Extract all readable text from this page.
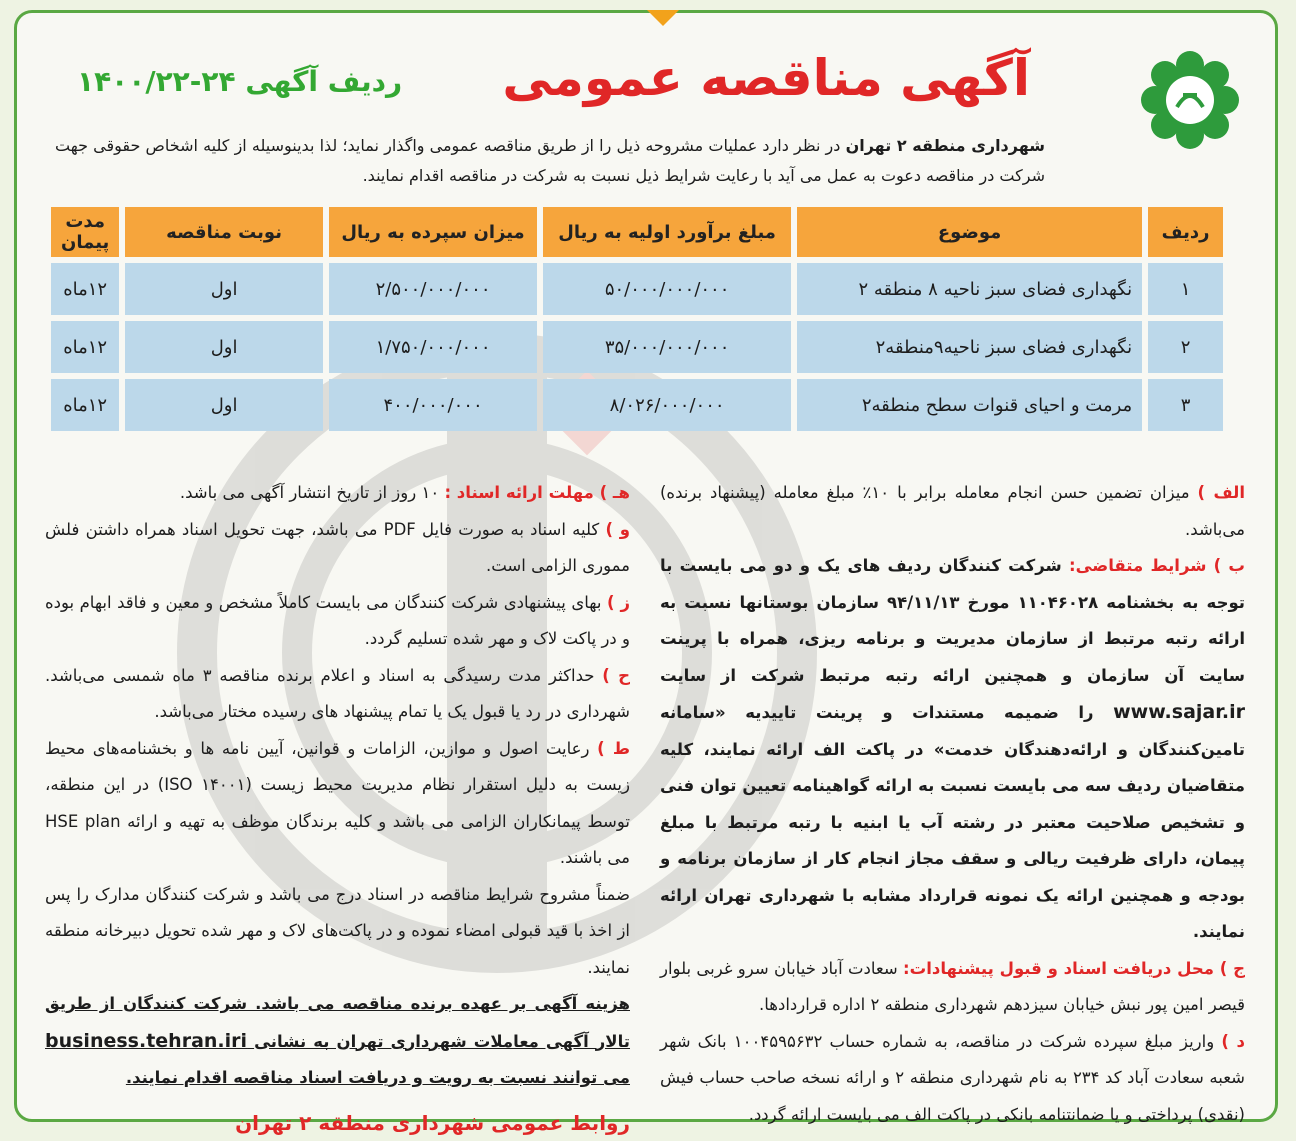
آگهی مناقصه عمومی
ردیف آگهی ۲۴-۱۴۰۰/۲۲
شهرداری منطقه ۲ تهران در نظر دارد عملیات مشروحه ذیل را از طریق مناقصه عمومی واگذار نماید؛ لذا بدینوسیله از کلیه اشخاص حقوقی جهت شرکت در مناقصه دعوت به عمل می آید با رعایت شرایط ذیل نسبت به شرکت در مناقصه اقدام نمایند.
ردیف	موضوع	مبلغ برآورد اولیه به ریال	میزان سپرده به ریال	نوبت مناقصه	مدت پیمان
۱	نگهداری فضای سبز ناحیه ۸ منطقه ۲	۵۰/۰۰۰/۰۰۰/۰۰۰	۲/۵۰۰/۰۰۰/۰۰۰	اول	۱۲ماه
۲	نگهداری فضای سبز ناحیه۹منطقه۲	۳۵/۰۰۰/۰۰۰/۰۰۰	۱/۷۵۰/۰۰۰/۰۰۰	اول	۱۲ماه
۳	مرمت و احیای قنوات سطح منطقه۲	۸/۰۲۶/۰۰۰/۰۰۰	۴۰۰/۰۰۰/۰۰۰	اول	۱۲ماه
الف ) میزان تضمین حسن انجام معامله برابر با ۱۰٪ مبلغ معامله (پیشنهاد برنده) می‌باشد.
ب ) شرایط متقاضی: شرکت کنندگان ردیف های یک و دو می بایست با توجه به بخشنامه ۱۱۰۴۶۰۲۸ مورخ ۹۴/۱۱/۱۳ سازمان بوستانها نسبت به ارائه رتبه مرتبط از سازمان مدیریت و برنامه ریزی، همراه با پرینت سایت آن سازمان و همچنین ارائه رتبه مرتبط شرکت از سایت www.sajar.ir را ضمیمه مستندات و پرینت تاییدیه «سامانه تامین‌کنندگان و ارائه‌دهندگان خدمت» در پاکت الف ارائه نمایند، کلیه متقاضیان ردیف سه می بایست نسبت به ارائه گواهینامه تعیین توان فنی و تشخیص صلاحیت معتبر در رشته آب یا ابنیه با رتبه مرتبط با مبلغ پیمان، دارای ظرفیت ریالی و سقف مجاز انجام کار از سازمان برنامه و بودجه و همچنین ارائه یک نمونه قرارداد مشابه با شهرداری تهران ارائه نمایند.
ج ) محل دریافت اسناد و قبول پیشنهادات: سعادت آباد خیابان سرو غربی بلوار قیصر امین پور نبش خیابان سیزدهم شهرداری منطقه ۲ اداره قراردادها.
د ) واریز مبلغ سپرده شرکت در مناقصه، به شماره حساب ۱۰۰۴۵۹۵۶۳۲ بانک شهر شعبه سعادت آباد کد ۲۳۴ به نام شهرداری منطقه ۲ و ارائه نسخه صاحب حساب فیش (نقدی) پرداختی و یا ضمانتنامه بانکی در پاکت الف می بایست ارائه گردد.
هـ ) مهلت ارائه اسناد : ۱۰ روز از تاریخ انتشار آگهی می باشد.
و ) کلیه اسناد به صورت فایل PDF می باشد، جهت تحویل اسناد همراه داشتن فلش مموری الزامی است.
ز ) بهای پیشنهادی شرکت کنندگان می بایست کاملاً مشخص و معین و فاقد ابهام بوده و در پاکت لاک و مهر شده تسلیم گردد.
ح ) حداکثر مدت رسیدگی به اسناد و اعلام برنده مناقصه ۳ ماه شمسی می‌باشد. شهرداری در رد یا قبول یک یا تمام پیشنهاد های رسیده مختار می‌باشد.
ط ) رعایت اصول و موازین، الزامات و قوانین، آیین نامه ها و بخشنامه‌های محیط زیست به دلیل استقرار نظام مدیریت محیط زیست (ISO ۱۴۰۰۱) در این منطقه، توسط پیمانکاران الزامی می باشد و کلیه برندگان موظف به تهیه و ارائه HSE plan می باشند.
ضمناً مشروح شرایط مناقصه در اسناد درج می باشد و شرکت کنندگان مدارک را پس از اخذ با قید قبولی امضاء نموده و در پاکت‌های لاک و مهر شده تحویل دبیرخانه منطقه نمایند.
هزینه آگهی بر عهده برنده مناقصه می باشد. شرکت کنندگان از طریق تالار آگهی معاملات شهرداری تهران به نشانی business.tehran.iri می توانند نسبت به رویت و دریافت اسناد مناقصه اقدام نمایند.
روابط عمومی شهرداری منطقه ۲ تهران
